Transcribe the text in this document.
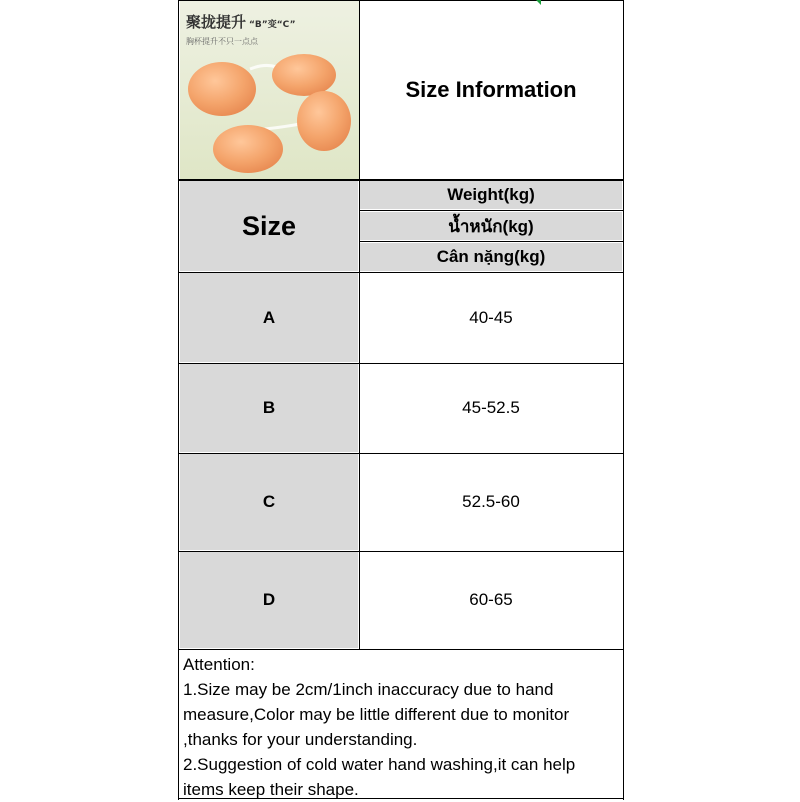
聚拢提升 “B”变“C”
胸杯提升不只一点点
Size Information
Size
Weight(kg)
น้ำหนัก(kg)
Cân nặng(kg)
A	40-45
B	45-52.5
C	52.5-60
D	60-65
Attention:
1.Size may be 2cm/1inch inaccuracy due to hand measure,Color may be little different due to monitor ,thanks for your understanding.
2.Suggestion of cold water hand washing,it can help items keep their shape.
